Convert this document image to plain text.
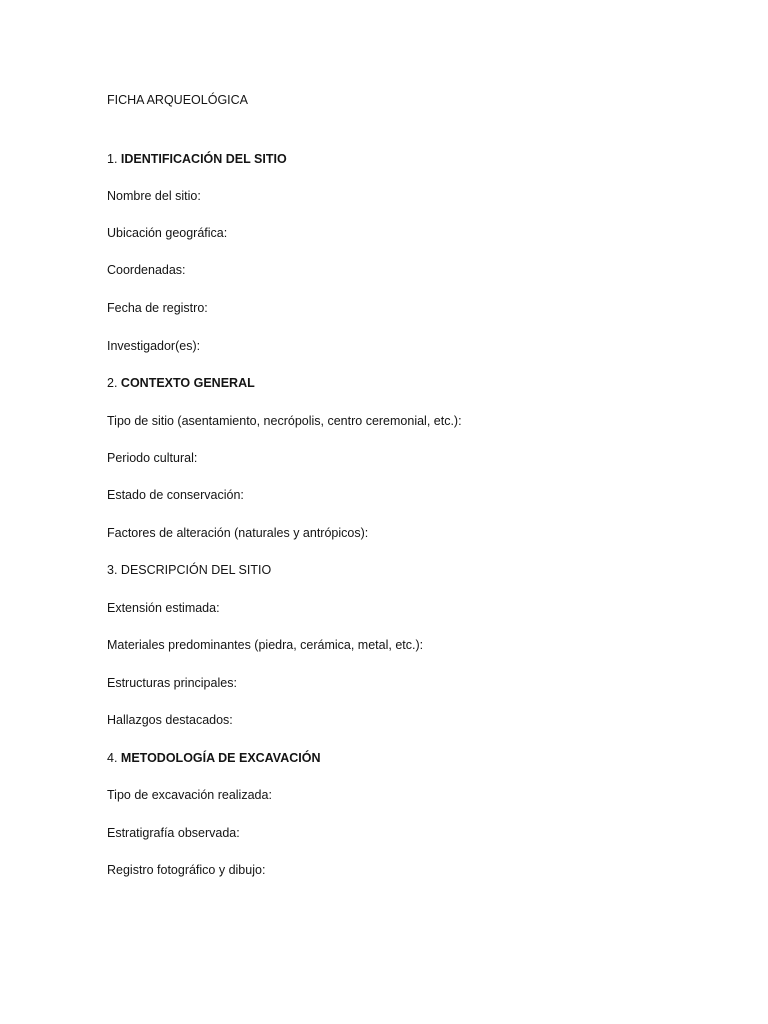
FICHA ARQUEOLÓGICA
1. IDENTIFICACIÓN DEL SITIO
Nombre del sitio:
Ubicación geográfica:
Coordenadas:
Fecha de registro:
Investigador(es):
2. CONTEXTO GENERAL
Tipo de sitio (asentamiento, necrópolis, centro ceremonial, etc.):
Periodo cultural:
Estado de conservación:
Factores de alteración (naturales y antrópicos):
3. DESCRIPCIÓN DEL SITIO
Extensión estimada:
Materiales predominantes (piedra, cerámica, metal, etc.):
Estructuras principales:
Hallazgos destacados:
4. METODOLOGÍA DE EXCAVACIÓN
Tipo de excavación realizada:
Estratigrafía observada:
Registro fotográfico y dibujo:
